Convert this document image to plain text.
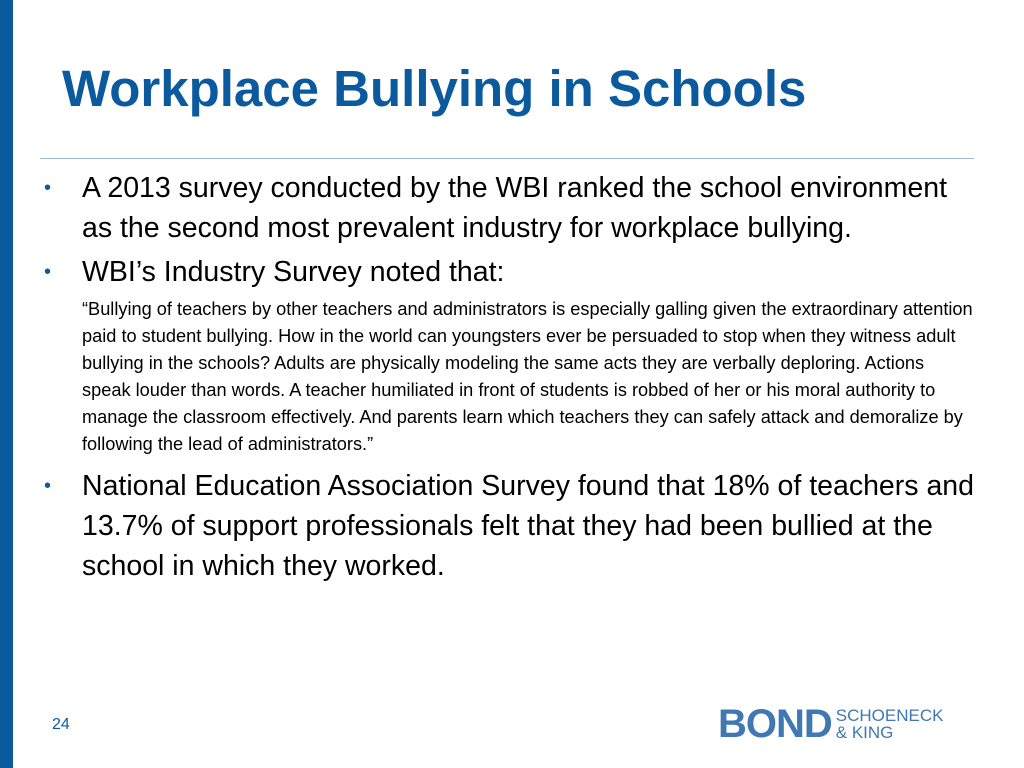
Workplace Bullying in Schools
• A 2013 survey conducted by the WBI ranked the school environment as the second most prevalent industry for workplace bullying.
• WBI’s Industry Survey noted that:

“Bullying of teachers by other teachers and administrators is especially galling given the extraordinary attention paid to student bullying. How in the world can youngsters ever be persuaded to stop when they witness adult bullying in the schools? Adults are physically modeling the same acts they are verbally deploring. Actions speak louder than words. A teacher humiliated in front of students is robbed of her or his moral authority to manage the classroom effectively. And parents learn which teachers they can safely attack and demoralize by following the lead of administrators.”

• National Education Association Survey found that 18% of teachers and 13.7% of support professionals felt that they had been bullied at the school in which they worked.
24	BOND SCHOENECK
& KING
